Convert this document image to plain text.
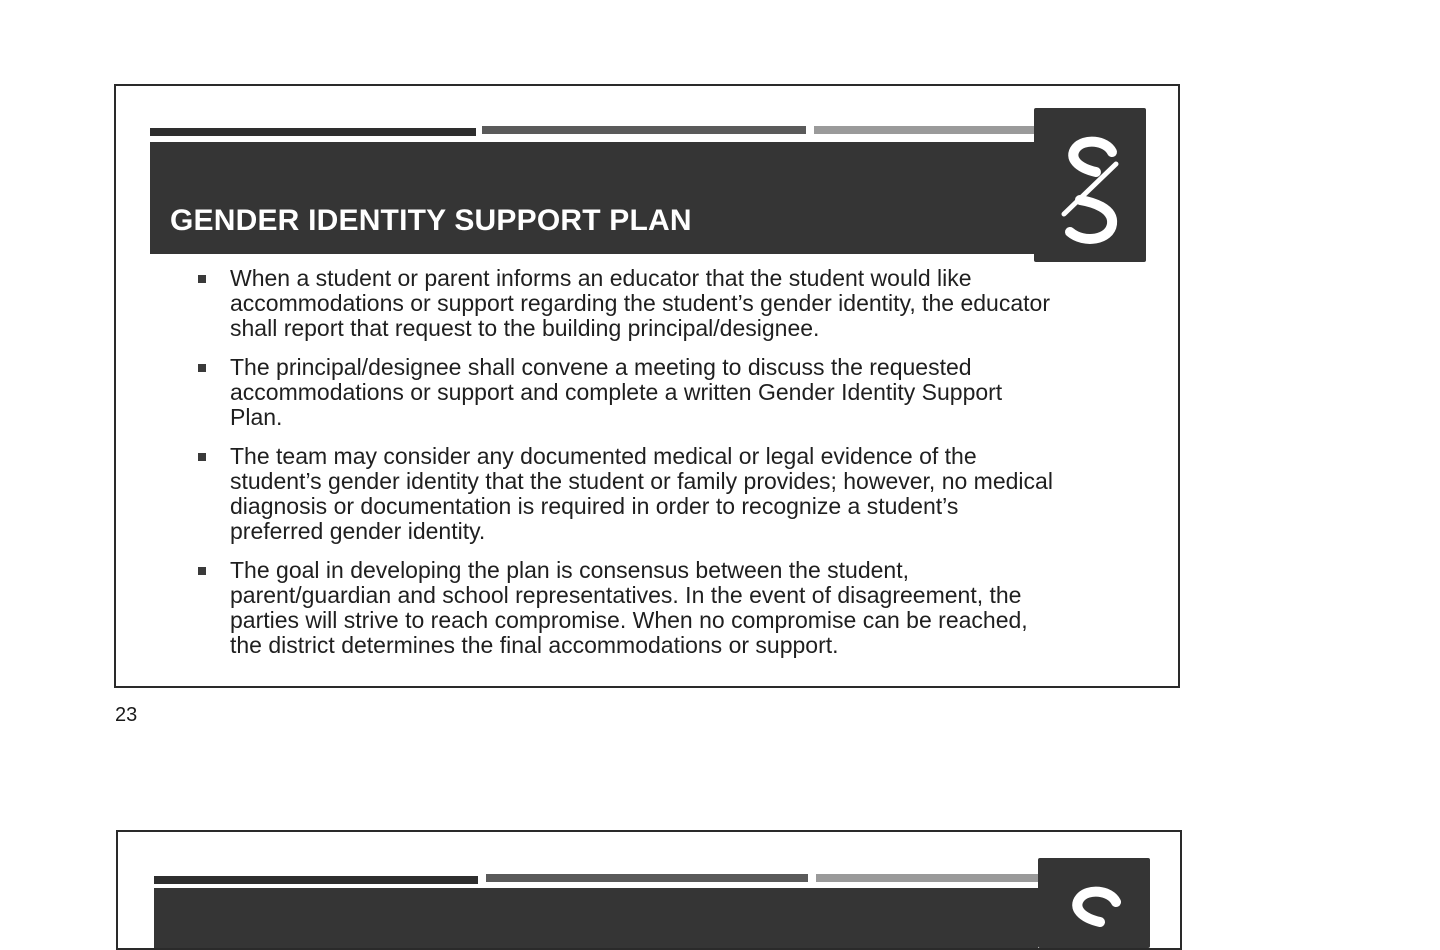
GENDER IDENTITY SUPPORT PLAN
When a student or parent informs an educator that the student would like accommodations or support regarding the student’s gender identity, the educator shall report that request to the building principal/designee.
The principal/designee shall convene a meeting to discuss the requested accommodations or support and complete a written Gender Identity Support Plan.
The team may consider any documented medical or legal evidence of the student’s gender identity that the student or family provides; however, no medical diagnosis or documentation is required in order to recognize a student’s preferred gender identity.
The goal in developing the plan is consensus between the student, parent/guardian and school representatives. In the event of disagreement, the parties will strive to reach compromise. When no compromise can be reached, the district determines the final accommodations or support.
23
